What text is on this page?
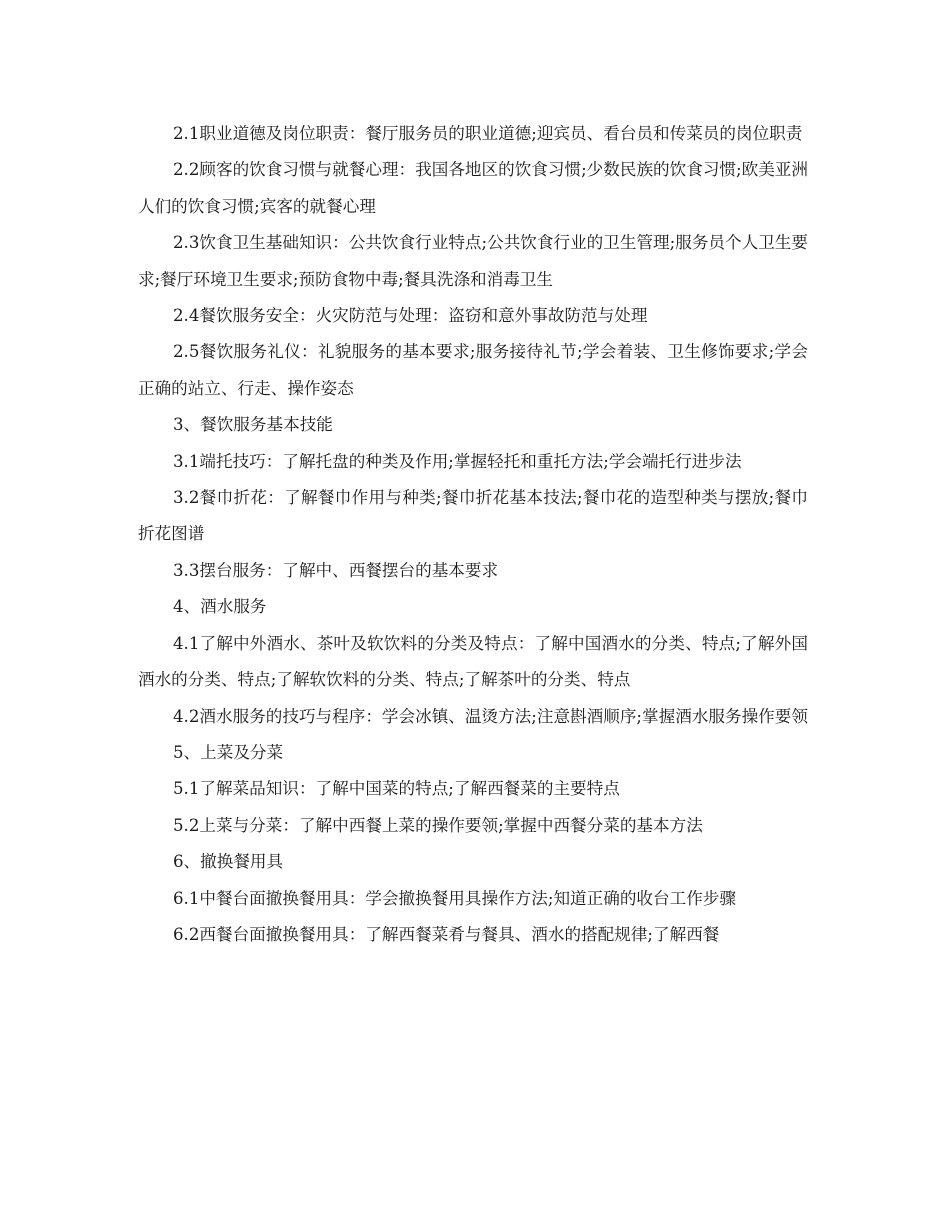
2.1职业道德及岗位职责：餐厅服务员的职业道德;迎宾员、看台员和传菜员的岗位职责

2.2顾客的饮食习惯与就餐心理：我国各地区的饮食习惯;少数民族的饮食习惯;欧美亚洲人们的饮食习惯;宾客的就餐心理

2.3饮食卫生基础知识：公共饮食行业特点;公共饮食行业的卫生管理;服务员个人卫生要求;餐厅环境卫生要求;预防食物中毒;餐具洗涤和消毒卫生

2.4餐饮服务安全：火灾防范与处理：盗窃和意外事故防范与处理

2.5餐饮服务礼仪：礼貌服务的基本要求;服务接待礼节;学会着装、卫生修饰要求;学会正确的站立、行走、操作姿态

3、餐饮服务基本技能

3.1端托技巧：了解托盘的种类及作用;掌握轻托和重托方法;学会端托行进步法

3.2餐巾折花：了解餐巾作用与种类;餐巾折花基本技法;餐巾花的造型种类与摆放;餐巾折花图谱

3.3摆台服务：了解中、西餐摆台的基本要求

4、酒水服务

4.1了解中外酒水、茶叶及软饮料的分类及特点：了解中国酒水的分类、特点;了解外国酒水的分类、特点;了解软饮料的分类、特点;了解茶叶的分类、特点

4.2酒水服务的技巧与程序：学会冰镇、温烫方法;注意斟酒顺序;掌握酒水服务操作要领

5、上菜及分菜

5.1了解菜品知识：了解中国菜的特点;了解西餐菜的主要特点

5.2上菜与分菜：了解中西餐上菜的操作要领;掌握中西餐分菜的基本方法

6、撤换餐用具

6.1中餐台面撤换餐用具：学会撤换餐用具操作方法;知道正确的收台工作步骤

6.2西餐台面撤换餐用具：了解西餐菜肴与餐具、酒水的搭配规律;了解西餐
